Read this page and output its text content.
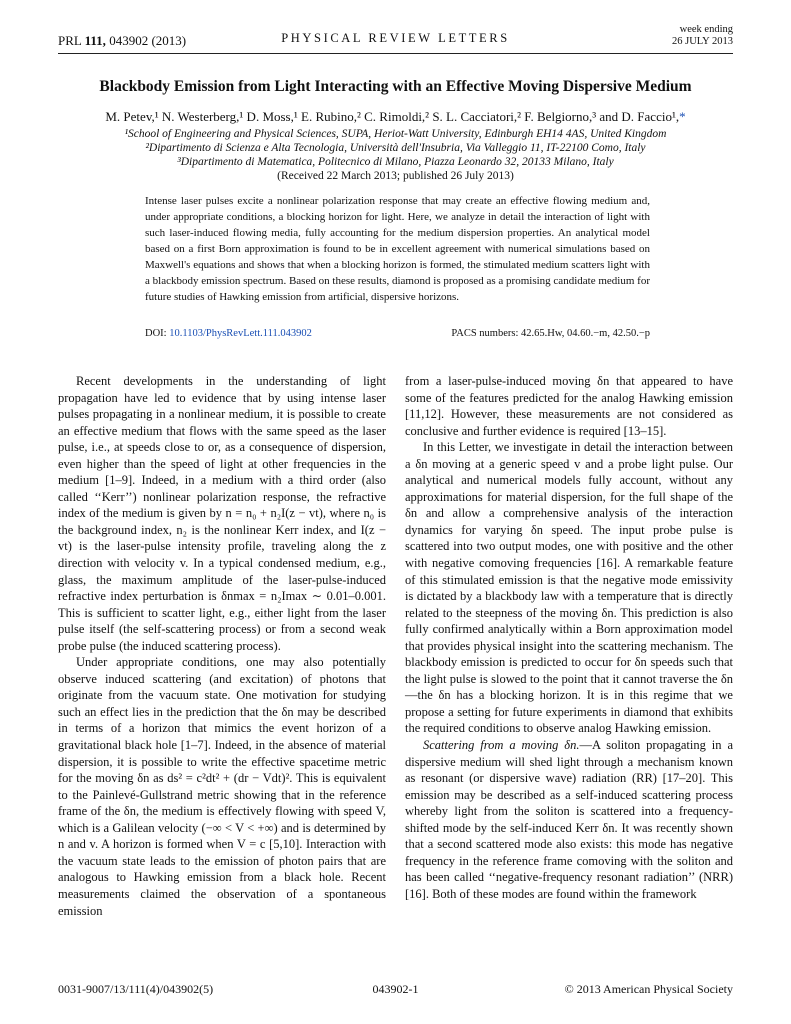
PRL 111, 043902 (2013)	PHYSICAL REVIEW LETTERS
week ending
26 JULY 2013
Blackbody Emission from Light Interacting with an Effective Moving Dispersive Medium
M. Petev,¹ N. Westerberg,¹ D. Moss,¹ E. Rubino,² C. Rimoldi,² S. L. Cacciatori,² F. Belgiorno,³ and D. Faccio¹,*
¹School of Engineering and Physical Sciences, SUPA, Heriot-Watt University, Edinburgh EH14 4AS, United Kingdom
²Dipartimento di Scienza e Alta Tecnologia, Università dell'Insubria, Via Valleggio 11, IT-22100 Como, Italy
³Dipartimento di Matematica, Politecnico di Milano, Piazza Leonardo 32, 20133 Milano, Italy
(Received 22 March 2013; published 26 July 2013)
Intense laser pulses excite a nonlinear polarization response that may create an effective flowing medium and, under appropriate conditions, a blocking horizon for light. Here, we analyze in detail the interaction of light with such laser-induced flowing media, fully accounting for the medium dispersion properties. An analytical model based on a first Born approximation is found to be in excellent agreement with numerical simulations based on Maxwell's equations and shows that when a blocking horizon is formed, the stimulated medium scatters light with a blackbody emission spectrum. Based on these results, diamond is proposed as a promising candidate medium for future studies of Hawking emission from artificial, dispersive horizons.
DOI: 10.1103/PhysRevLett.111.043902	PACS numbers: 42.65.Hw, 04.60.−m, 42.50.−p

Recent developments in the understanding of light propagation have led to evidence that by using intense laser pulses propagating in a nonlinear medium, it is possible to create an effective medium that flows with the same speed as the laser pulse, i.e., at speeds close to or, as a consequence of dispersion, even higher than the speed of light at other frequencies in the medium [1–9]. Indeed, in a medium with a third order (also called ‘‘Kerr’’) nonlinear polarization response, the refractive index of the medium is given by n = n₀ + n₂I(z − vt), where n₀ is the background index, n₂ is the nonlinear Kerr index, and I(z − vt) is the laser-pulse intensity profile, traveling along the z direction with velocity v. In a typical condensed medium, e.g., glass, the maximum amplitude of the laser-pulse-induced refractive index perturbation is δnmax = n₂Imax ∼ 0.01–0.001. This is sufficient to scatter light, e.g., either light from the laser pulse itself (the self-scattering process) or from a second weak probe pulse (the induced scattering process).

Under appropriate conditions, one may also potentially observe induced scattering (and excitation) of photons that originate from the vacuum state. One motivation for studying such an effect lies in the prediction that the δn may be described in terms of a horizon that mimics the event horizon of a gravitational black hole [1–7]. Indeed, in the absence of material dispersion, it is possible to write the effective spacetime metric for the moving δn as ds² = c²dt² + (dr − Vdt)². This is equivalent to the Painlevé-Gullstrand metric showing that in the reference frame of the δn, the medium is effectively flowing with speed V, which is a Galilean velocity (−∞ < V < +∞) and is determined by n and v. A horizon is formed when V = c [5,10]. Interaction with the vacuum state leads to the emission of photon pairs that are analogous to Hawking emission from a black hole. Recent measurements claimed the observation of a spontaneous emission

from a laser-pulse-induced moving δn that appeared to have some of the features predicted for the analog Hawking emission [11,12]. However, these measurements are not considered as conclusive and further evidence is required [13–15].

In this Letter, we investigate in detail the interaction between a δn moving at a generic speed v and a probe light pulse. Our analytical and numerical models fully account, without any approximations for material dispersion, for the full shape of the δn and allow a comprehensive analysis of the interaction dynamics for varying δn speed. The input probe pulse is scattered into two output modes, one with positive and the other with negative comoving frequencies [16]. A remarkable feature of this stimulated emission is that the negative mode emissivity is dictated by a blackbody law with a temperature that is directly related to the steepness of the moving δn. This prediction is also fully confirmed analytically within a Born approximation model that provides physical insight into the scattering mechanism. The blackbody emission is predicted to occur for δn speeds such that the light pulse is slowed to the point that it cannot traverse the δn—the δn has a blocking horizon. It is in this regime that we propose a setting for future experiments in diamond that exhibits the required conditions to observe analog Hawking emission.

Scattering from a moving δn.—A soliton propagating in a dispersive medium will shed light through a mechanism known as resonant (or dispersive wave) radiation (RR) [17–20]. This emission may be described as a self-induced scattering process whereby light from the soliton is scattered into a frequency-shifted mode by the self-induced Kerr δn. It was recently shown that a second scattered mode also exists: this mode has negative frequency in the reference frame comoving with the soliton and has been called ‘‘negative-frequency resonant radiation’’ (NRR) [16]. Both of these modes are found within the framework

0031-9007/13/111(4)/043902(5)	043902-1	© 2013 American Physical Society
